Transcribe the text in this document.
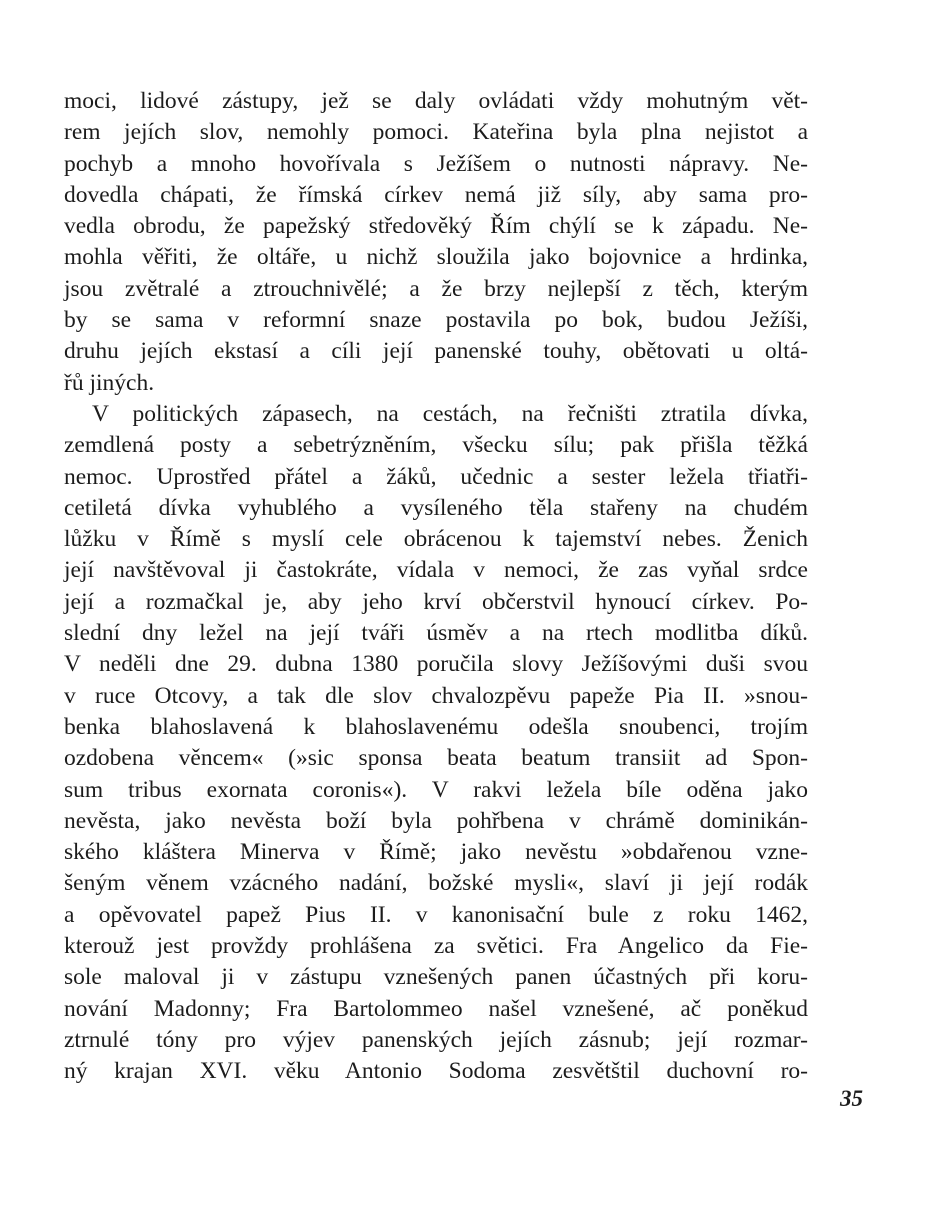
moci, lidové zástupy, jež se daly ovládati vždy mohutným vět-
rem jejích slov, nemohly pomoci. Kateřina byla plna nejistot a
pochyb a mnoho hovořívala s Ježíšem o nutnosti nápravy. Ne-
dovedla chápati, že římská církev nemá již síly, aby sama pro-
vedla obrodu, že papežský středověký Řím chýlí se k západu. Ne-
mohla věřiti, že oltáře, u nichž sloužila jako bojovnice a hrdinka,
jsou zvětralé a ztrouchnivělé; a že brzy nejlepší z těch, kterým
by se sama v reformní snaze postavila po bok, budou Ježíši,
druhu jejích ekstasí a cíli její panenské touhy, obětovati u oltá-
řů jiných.
V politických zápasech, na cestách, na řečništi ztratila dívka,
zemdlená posty a sebetrýzněním, všecku sílu; pak přišla těžká
nemoc. Uprostřed přátel a žáků, učednic a sester ležela třiatři-
cetiletá dívka vyhublého a vysíleného těla stařeny na chudém
lůžku v Římě s myslí cele obrácenou k tajemství nebes. Ženich
její navštěvoval ji častokráte, vídala v nemoci, že zas vyňal srdce
její a rozmačkal je, aby jeho krví občerstvil hynoucí církev. Po-
slední dny ležel na její tváři úsměv a na rtech modlitba díků.
V neděli dne 29. dubna 1380 poručila slovy Ježíšovými duši svou
v ruce Otcovy, a tak dle slov chvalozpěvu papeže Pia II. »snou-
benka blahoslavená k blahoslavenému odešla snoubenci, trojím
ozdobena věncem« (»sic sponsa beata beatum transiit ad Spon-
sum tribus exornata coronis«). V rakvi ležela bíle oděna jako
nevěsta, jako nevěsta boží byla pohřbena v chrámě dominikán-
ského kláštera Minerva v Římě; jako nevěstu »obdařenou vzne-
šeným věnem vzácného nadání, božské mysli«, slaví ji její rodák
a opěvovatel papež Pius II. v kanonisační bule z roku 1462,
kterouž jest provždy prohlášena za světici. Fra Angelico da Fie-
sole maloval ji v zástupu vznešených panen účastných při koru-
nování Madonny; Fra Bartolommeo našel vznešené, ač poněkud
ztrnulé tóny pro výjev panenských jejích zásnub; její rozmar-
ný krajan XVI. věku Antonio Sodoma zesvětštil duchovní ro-
35
